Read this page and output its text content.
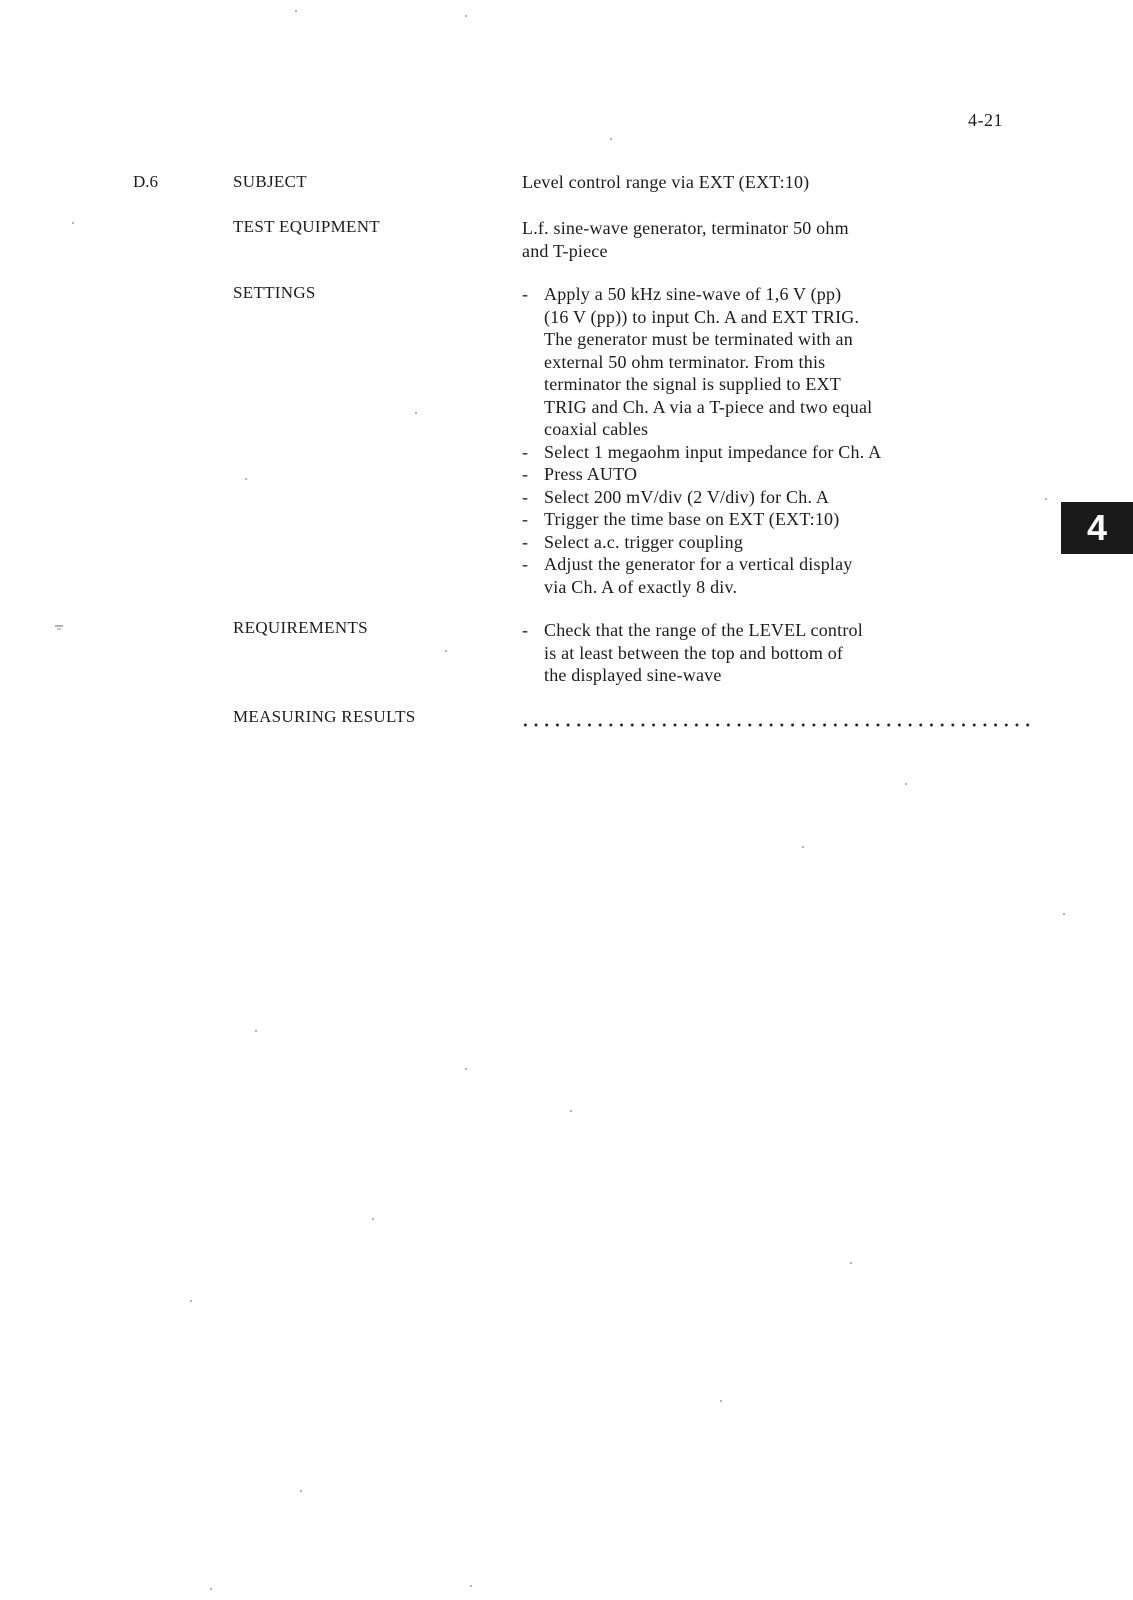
4-21
D.6	SUBJECT	Level control range via EXT (EXT:10)
TEST EQUIPMENT	L.f. sine-wave generator, terminator 50 ohm
and T-piece
SETTINGS	- Apply a 50 kHz sine-wave of 1,6 V (pp)
(16 V (pp)) to input Ch. A and EXT TRIG.
The generator must be terminated with an
external 50 ohm terminator. From this
terminator the signal is supplied to EXT
TRIG and Ch. A via a T-piece and two equal
coaxial cables
- Select 1 megaohm input impedance for Ch. A
- Press AUTO
- Select 200 mV/div (2 V/div) for Ch. A
- Trigger the time base on EXT (EXT:10)
- Select a.c. trigger coupling
- Adjust the generator for a vertical display
via Ch. A of exactly 8 div.
REQUIREMENTS	- Check that the range of the LEVEL control
is at least between the top and bottom of
the displayed sine-wave
MEASURING RESULTS
4
